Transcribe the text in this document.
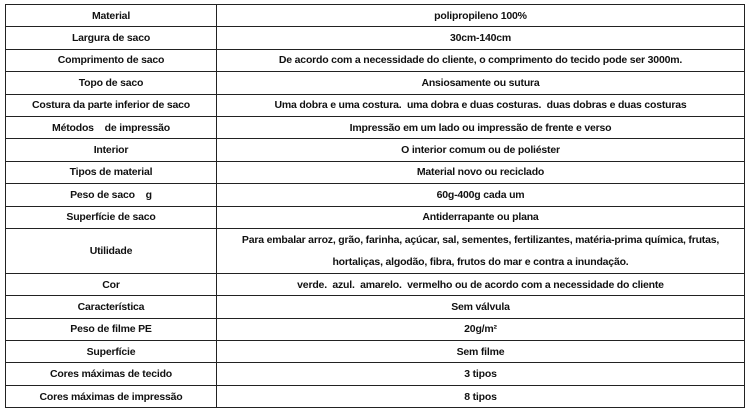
Material	polipropileno 100%
Largura de saco	30cm-140cm
Comprimento de saco	De acordo com a necessidade do cliente, o comprimento do tecido pode ser 3000m.
Topo de saco	Ansiosamente ou sutura
Costura da parte inferior de saco	Uma dobra e uma costura.  uma dobra e duas costuras.  duas dobras e duas costuras
Métodos    de impressão	Impressão em um lado ou impressão de frente e verso
Interior	O interior comum ou de poliéster
Tipos de material	Material novo ou reciclado
Peso de saco    g	60g-400g cada um
Superfície de saco	Antiderrapante ou plana
Utilidade	Para embalar arroz, grão, farinha, açúcar, sal, sementes, fertilizantes, matéria-prima química, frutas, hortaliças, algodão, fibra, frutos do mar e contra a inundação.
Cor	verde.  azul.  amarelo.  vermelho ou de acordo com a necessidade do cliente
Característica	Sem válvula
Peso de filme PE	20g/m²
Superfície	Sem filme
Cores máximas de tecido	3 tipos
Cores máximas de impressão	8 tipos
